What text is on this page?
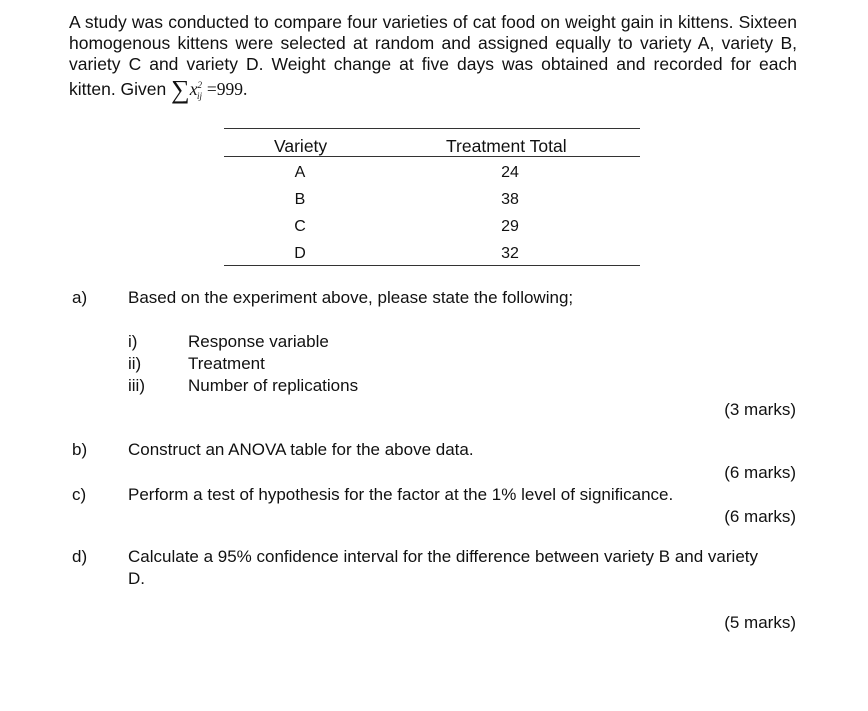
A study was conducted to compare four varieties of cat food on weight gain in kittens. Sixteen homogenous kittens were selected at random and assigned equally to variety A, variety B, variety C and variety D. Weight change at five days was obtained and recorded for each kitten. Given $\sum x^2_{ij} =999$.

Variety	Treatment Total
A	24
B	38
C	29
D	32
a) Based on the experiment above, please state the following;
i)	Response variable
ii)	Treatment
iii)	Number of replications
(3 marks)
b) Construct an ANOVA table for the above data.
(6 marks)
c) Perform a test of hypothesis for the factor at the 1% level of significance.
(6 marks)
d) Calculate a 95% confidence interval for the difference between variety B and variety
D.
(5 marks)
